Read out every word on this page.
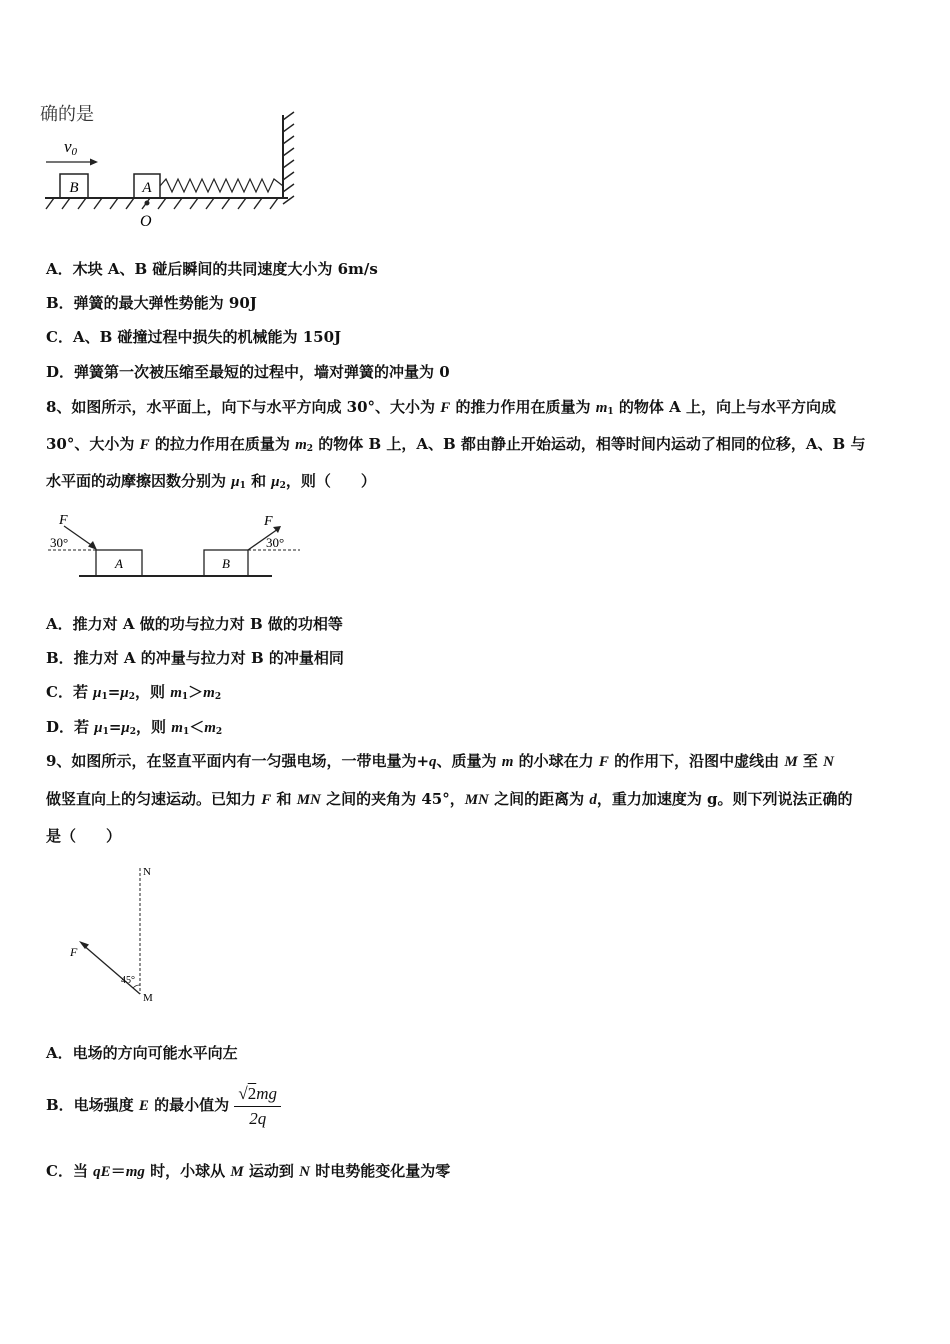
确的是
B	A
v0
O
A．木块 A、B 碰后瞬间的共同速度大小为 6m/s
B．弹簧的最大弹性势能为 90J
C．A、B 碰撞过程中损失的机械能为 150J
D．弹簧第一次被压缩至最短的过程中，墙对弹簧的冲量为 0
8、如图所示，水平面上，向下与水平方向成 30°、大小为 F 的推力作用在质量为 $m_1$ 的物体 A 上，向上与水平方向成
30°、大小为 F 的拉力作用在质量为 $m_2$ 的物体 B 上，A、B 都由静止开始运动，相等时间内运动了相同的位移，A、B 与
水平面的动摩擦因数分别为 $\mu_1$ 和 $\mu_2$，则（　　）
A	B
F	F
30°	30°
A．推力对 A 做的功与拉力对 B 做的功相等
B．推力对 A 的冲量与拉力对 B 的冲量相同
C．若 $\mu_1=\mu_2$，则 $m_1>m_2$
D．若 $\mu_1=\mu_2$，则 $m_1<m_2$
9、如图所示，在竖直平面内有一匀强电场，一带电量为+q、质量为 m 的小球在力 F 的作用下，沿图中虚线由 M 至 N
做竖直向上的匀速运动。已知力 F 和 MN 之间的夹角为 45°，MN 之间的距离为 d，重力加速度为 g。则下列说法正确的
是（　　）
N
F
45°
M
A．电场的方向可能水平向左
B．电场强度 E 的最小值为 $\frac{√2mg}{2q}$
C．当 qE＝mg 时，小球从 M 运动到 N 时电势能变化量为零
